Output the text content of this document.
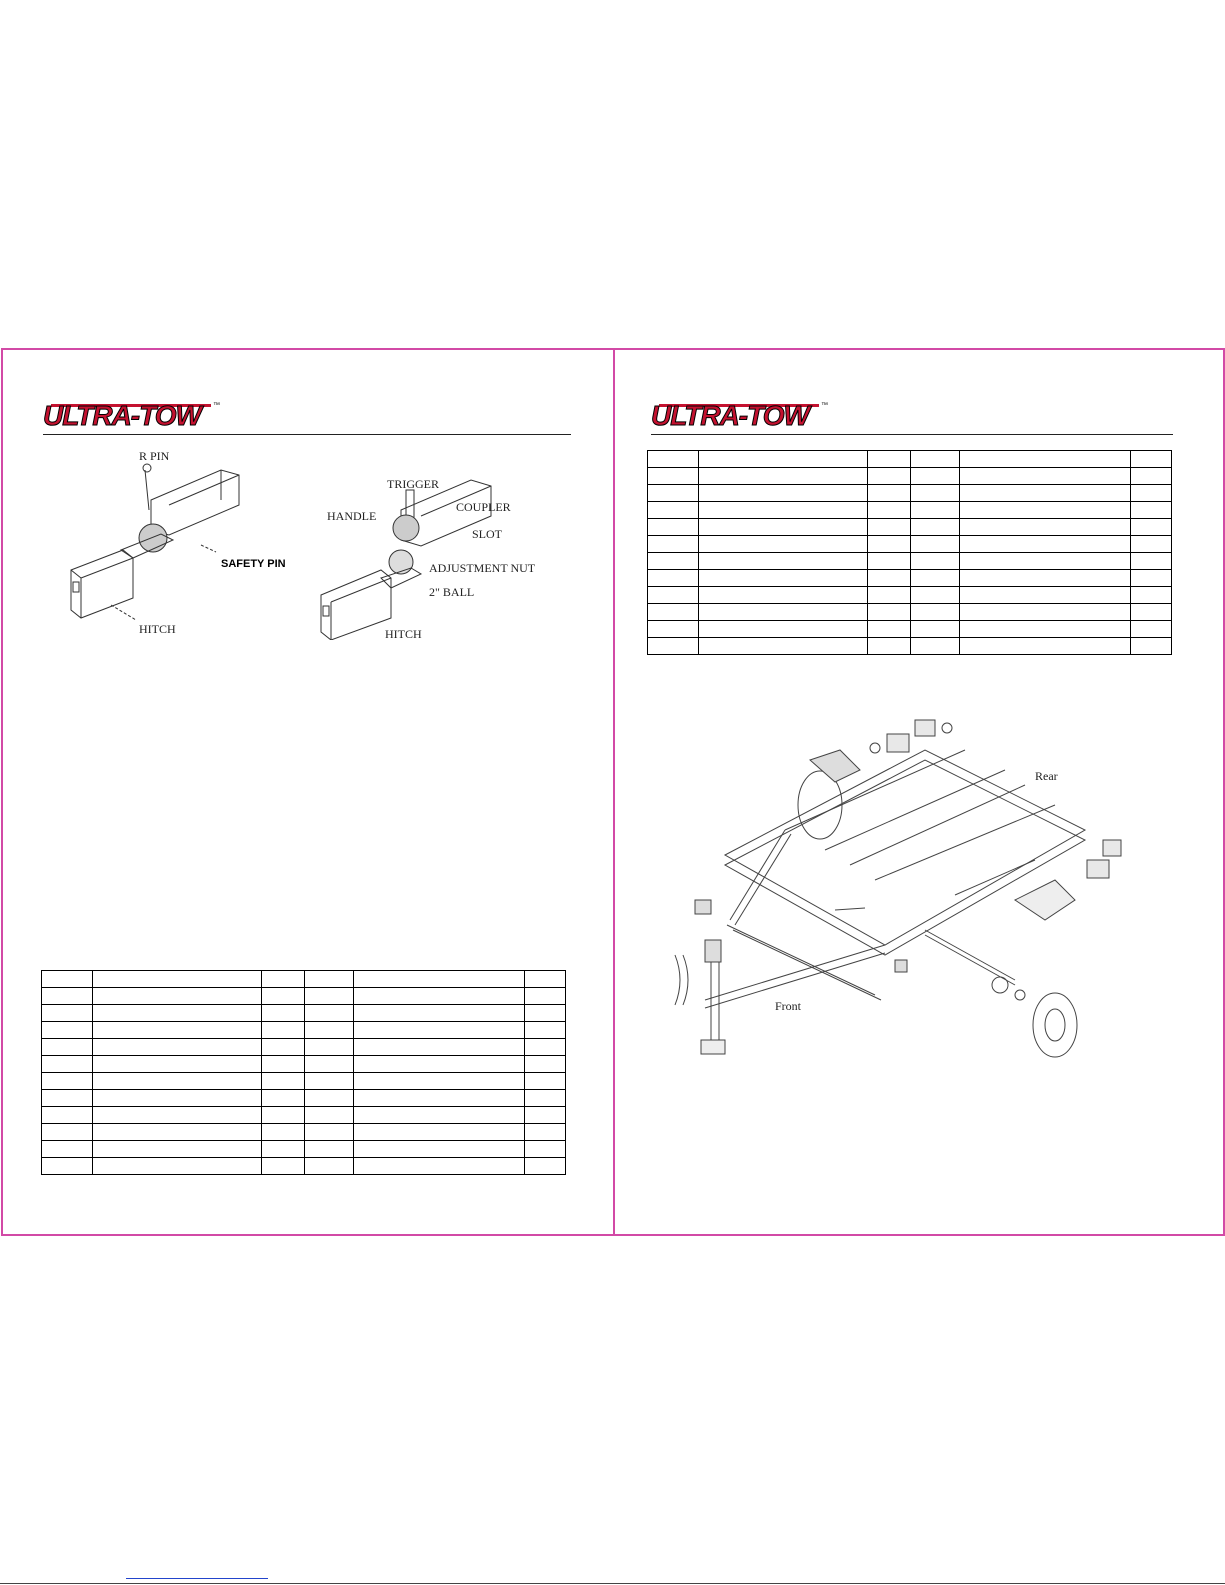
ULTRA-TOW ™
R PIN
SAFETY PIN
HITCH
TRIGGER
HANDLE
COUPLER
SLOT
ADJUSTMENT NUT
2" BALL
HITCH

ULTRA-TOW ™

Rear
Front
